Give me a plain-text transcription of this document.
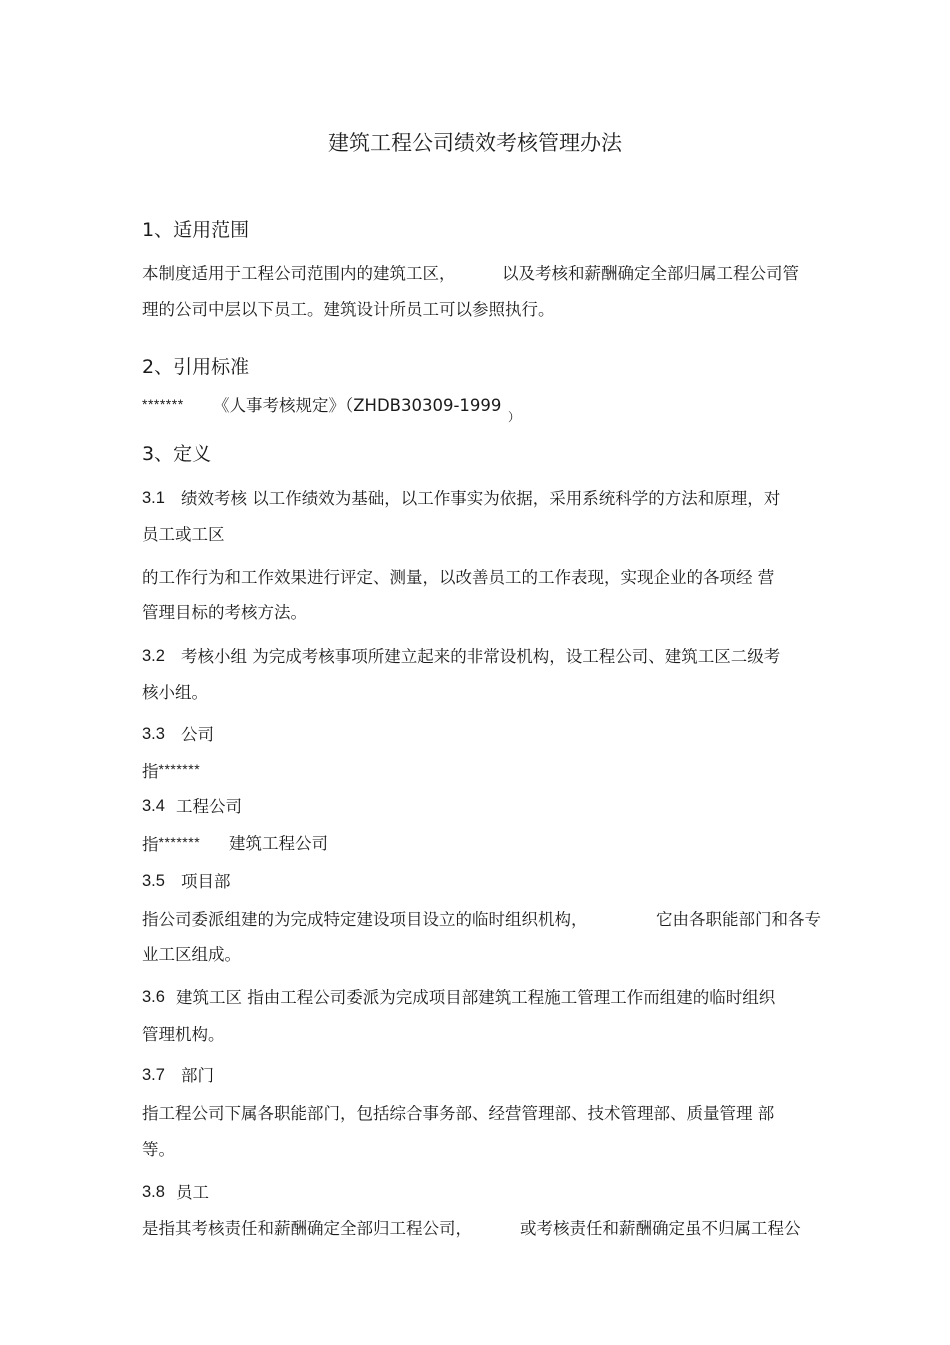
建筑工程公司绩效考核管理办法
1、适用范围
本制度适用于工程公司范围内的建筑工区，	以及考核和薪酬确定全部归属工程公司管
理的公司中层以下员工。建筑设计所员工可以参照执行。
2、引用标准
******* 《人事考核规定》（ZHDB30309-1999
）
3、定义
3.1 绩效考核 以工作绩效为基础，以工作事实为依据，采用系统科学的方法和原理，对
员工或工区
的工作行为和工作效果进行评定、测量，以改善员工的工作表现，实现企业的各项经 营
管理目标的考核方法。
3.2 考核小组 为完成考核事项所建立起来的非常设机构，设工程公司、建筑工区二级考
核小组。
3.3 公司
指*******
3.4 工程公司
指******* 建筑工程公司
3.5 项目部
指公司委派组建的为完成特定建设项目设立的临时组织机构，	它由各职能部门和各专
业工区组成。
3.6 建筑工区 指由工程公司委派为完成项目部建筑工程施工管理工作而组建的临时组织
管理机构。
3.7 部门
指工程公司下属各职能部门，包括综合事务部、经营管理部、技术管理部、质量管理 部
等。
3.8 员工
是指其考核责任和薪酬确定全部归工程公司，	或考核责任和薪酬确定虽不归属工程公
